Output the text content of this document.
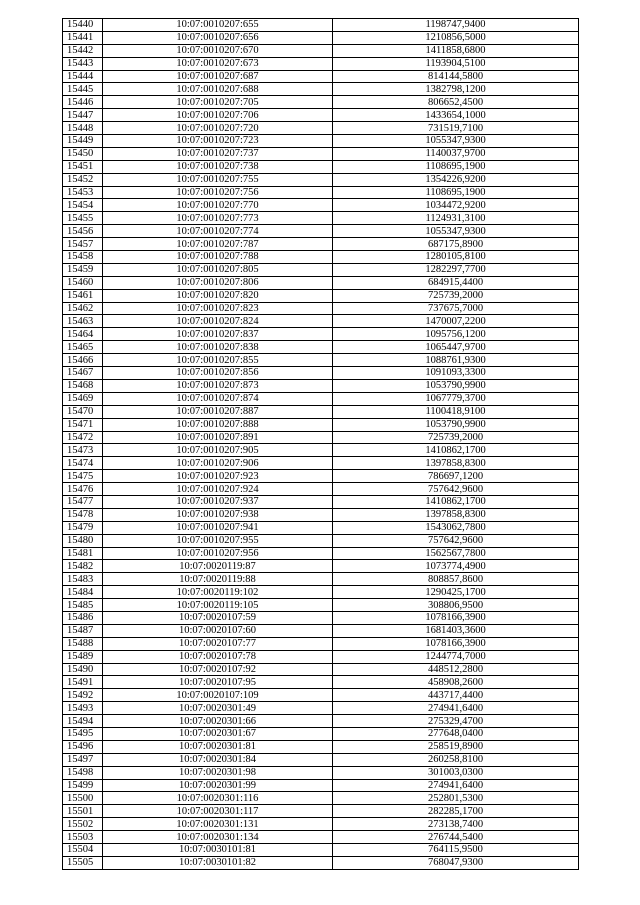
15440	10:07:0010207:655	1198747,9400
15441	10:07:0010207:656	1210856,5000
15442	10:07:0010207:670	1411858,6800
15443	10:07:0010207:673	1193904,5100
15444	10:07:0010207:687	814144,5800
15445	10:07:0010207:688	1382798,1200
15446	10:07:0010207:705	806652,4500
15447	10:07:0010207:706	1433654,1000
15448	10:07:0010207:720	731519,7100
15449	10:07:0010207:723	1055347,9300
15450	10:07:0010207:737	1140037,9700
15451	10:07:0010207:738	1108695,1900
15452	10:07:0010207:755	1354226,9200
15453	10:07:0010207:756	1108695,1900
15454	10:07:0010207:770	1034472,9200
15455	10:07:0010207:773	1124931,3100
15456	10:07:0010207:774	1055347,9300
15457	10:07:0010207:787	687175,8900
15458	10:07:0010207:788	1280105,8100
15459	10:07:0010207:805	1282297,7700
15460	10:07:0010207:806	684915,4400
15461	10:07:0010207:820	725739,2000
15462	10:07:0010207:823	737675,7000
15463	10:07:0010207:824	1470007,2200
15464	10:07:0010207:837	1095756,1200
15465	10:07:0010207:838	1065447,9700
15466	10:07:0010207:855	1088761,9300
15467	10:07:0010207:856	1091093,3300
15468	10:07:0010207:873	1053790,9900
15469	10:07:0010207:874	1067779,3700
15470	10:07:0010207:887	1100418,9100
15471	10:07:0010207:888	1053790,9900
15472	10:07:0010207:891	725739,2000
15473	10:07:0010207:905	1410862,1700
15474	10:07:0010207:906	1397858,8300
15475	10:07:0010207:923	786697,1200
15476	10:07:0010207:924	757642,9600
15477	10:07:0010207:937	1410862,1700
15478	10:07:0010207:938	1397858,8300
15479	10:07:0010207:941	1543062,7800
15480	10:07:0010207:955	757642,9600
15481	10:07:0010207:956	1562567,7800
15482	10:07:0020119:87	1073774,4900
15483	10:07:0020119:88	808857,8600
15484	10:07:0020119:102	1290425,1700
15485	10:07:0020119:105	308806,9500
15486	10:07:0020107:59	1078166,3900
15487	10:07:0020107:60	1681403,3600
15488	10:07:0020107:77	1078166,3900
15489	10:07:0020107:78	1244774,7000
15490	10:07:0020107:92	448512,2800
15491	10:07:0020107:95	458908,2600
15492	10:07:0020107:109	443717,4400
15493	10:07:0020301:49	274941,6400
15494	10:07:0020301:66	275329,4700
15495	10:07:0020301:67	277648,0400
15496	10:07:0020301:81	258519,8900
15497	10:07:0020301:84	260258,8100
15498	10:07:0020301:98	301003,0300
15499	10:07:0020301:99	274941,6400
15500	10:07:0020301:116	252801,5300
15501	10:07:0020301:117	282285,1700
15502	10:07:0020301:131	273138,7400
15503	10:07:0020301:134	276744,5400
15504	10:07:0030101:81	764115,9500
15505	10:07:0030101:82	768047,9300
